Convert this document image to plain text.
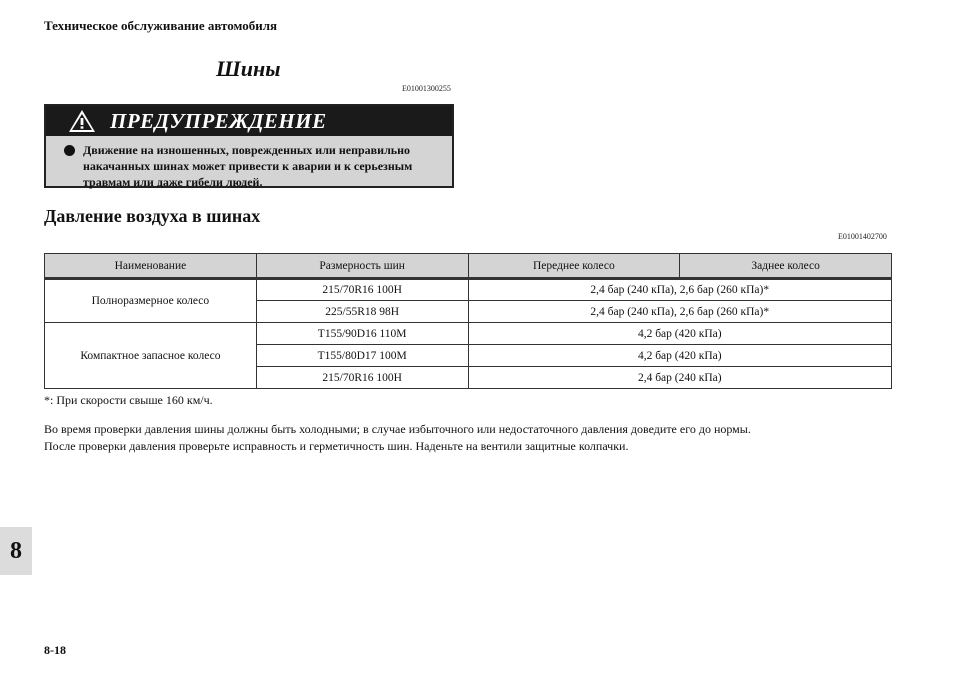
Техническое обслуживание автомобиля
Шины
E01001300255
ПРЕДУПРЕЖДЕНИЕ
Движение на изношенных, поврежденных или неправильно накачанных шинах может привести к аварии и к серьезным травмам или даже гибели людей.
Давление воздуха в шинах
E01001402700
Наименование	Размерность шин	Переднее колесо	Заднее колесо
Полноразмерное колесо	215/70R16 100H	2,4 бар (240 кПа), 2,6 бар (260 кПа)*	
	225/55R18 98H	2,4 бар (240 кПа), 2,6 бар (260 кПа)*	
Компактное запасное колесо	T155/90D16 110M	4,2 бар (420 кПа)	
	T155/80D17 100M	4,2 бар (420 кПа)	
	215/70R16 100H	2,4 бар (240 кПа)	
*: При скорости свыше 160 км/ч.
Во время проверки давления шины должны быть холодными; в случае избыточного или недостаточного давления доведите его до нормы.
После проверки давления проверьте исправность и герметичность шин. Наденьте на вентили защитные колпачки.
8
8-18
